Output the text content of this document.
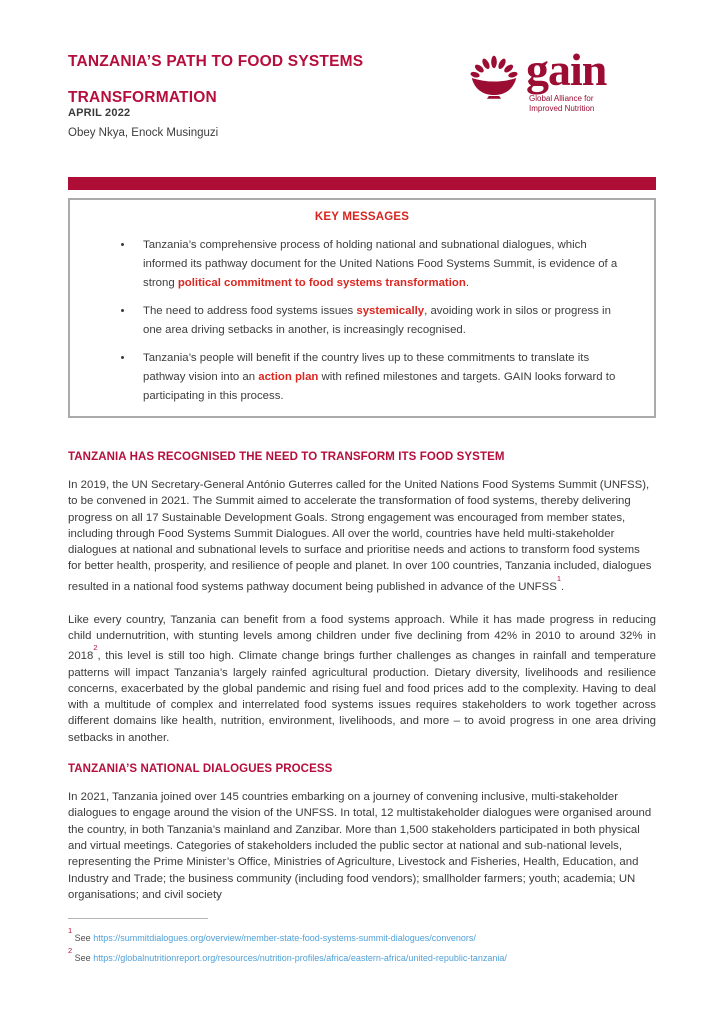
TANZANIA’S PATH TO FOOD SYSTEMS
TRANSFORMATION
APRIL 2022
Obey Nkya, Enock Musinguzi
gain
Global Alliance for
Improved Nutrition
KEY MESSAGES
• Tanzania’s comprehensive process of holding national and subnational dialogues, which informed its pathway document for the United Nations Food Systems Summit, is evidence of a strong political commitment to food systems transformation.
• The need to address food systems issues systemically, avoiding work in silos or progress in one area driving setbacks in another, is increasingly recognised.
• Tanzania’s people will benefit if the country lives up to these commitments to translate its pathway vision into an action plan with refined milestones and targets. GAIN looks forward to participating in this process.
TANZANIA HAS RECOGNISED THE NEED TO TRANSFORM ITS FOOD SYSTEM

In 2019, the UN Secretary-General António Guterres called for the United Nations Food Systems Summit (UNFSS), to be convened in 2021. The Summit aimed to accelerate the transformation of food systems, thereby delivering progress on all 17 Sustainable Development Goals. Strong engagement was encouraged from member states, including through Food Systems Summit Dialogues. All over the world, countries have held multi-stakeholder dialogues at national and subnational levels to surface and prioritise needs and actions to transform food systems for better health, prosperity, and resilience of people and planet. In over 100 countries, Tanzania included, dialogues resulted in a national food systems pathway document being published in advance of the UNFSS$^1$.

Like every country, Tanzania can benefit from a food systems approach. While it has made progress in reducing child undernutrition, with stunting levels among children under five declining from 42% in 2010 to around 32% in 2018$^2$, this level is still too high. Climate change brings further challenges as changes in rainfall and temperature patterns will impact Tanzania’s largely rainfed agricultural production. Dietary diversity, livelihoods and resilience concerns, exacerbated by the global pandemic and rising fuel and food prices add to the complexity. Having to deal with a multitude of complex and interrelated food systems issues requires stakeholders to work together across different domains like health, nutrition, environment, livelihoods, and more – to avoid progress in one area driving setbacks in another.

TANZANIA’S NATIONAL DIALOGUES PROCESS

In 2021, Tanzania joined over 145 countries embarking on a journey of convening inclusive, multi-stakeholder dialogues to engage around the vision of the UNFSS. In total, 12 multistakeholder dialogues were organised around the country, in both Tanzania’s mainland and Zanzibar. More than 1,500 stakeholders participated in both physical and virtual meetings. Categories of stakeholders included the public sector at national and sub-national levels, representing the Prime Minister’s Office, Ministries of Agriculture, Livestock and Fisheries, Health, Education, and Industry and Trade; the business community (including food vendors); smallholder farmers; youth; academia; UN organisations; and civil society

$^1$ See https://summitdialogues.org/overview/member-state-food-systems-summit-dialogues/convenors/
$^2$ See https://globalnutritionreport.org/resources/nutrition-profiles/africa/eastern-africa/united-republic-tanzania/
